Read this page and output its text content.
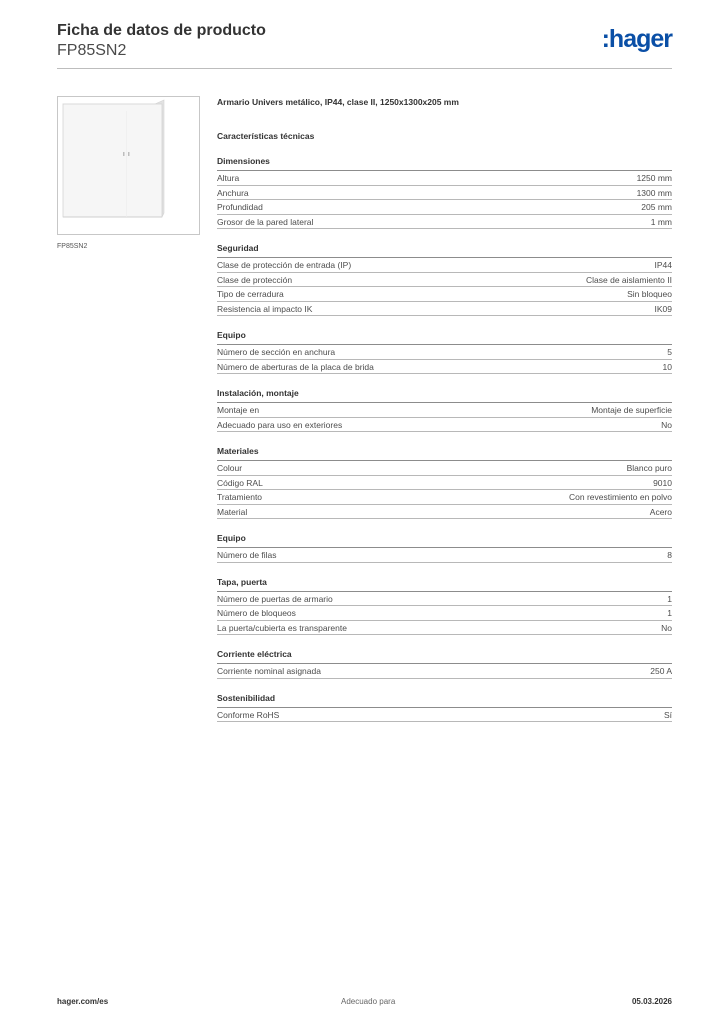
Ficha de datos de producto
FP85SN2	:hager
FP85SN2
Armario Univers metálico, IP44, clase II, 1250x1300x205 mm
Características técnicas
Dimensiones
Altura	1250 mm
Anchura	1300 mm
Profundidad	205 mm
Grosor de la pared lateral	1 mm
Seguridad
Clase de protección de entrada (IP)	IP44
Clase de protección	Clase de aislamiento II
Tipo de cerradura	Sin bloqueo
Resistencia al impacto IK	IK09
Equipo
Número de sección en anchura	5
Número de aberturas de la placa de brida	10
Instalación, montaje
Montaje en	Montaje de superficie
Adecuado para uso en exteriores	No
Materiales
Colour	Blanco puro
Código RAL	9010
Tratamiento	Con revestimiento en polvo
Material	Acero
Equipo
Número de filas	8
Tapa, puerta
Número de puertas de armario	1
Número de bloqueos	1
La puerta/cubierta es transparente	No
Corriente eléctrica
Corriente nominal asignada	250 A
Sostenibilidad
Conforme RoHS	Sí
hager.com/es	Adecuado para	05.03.2026
